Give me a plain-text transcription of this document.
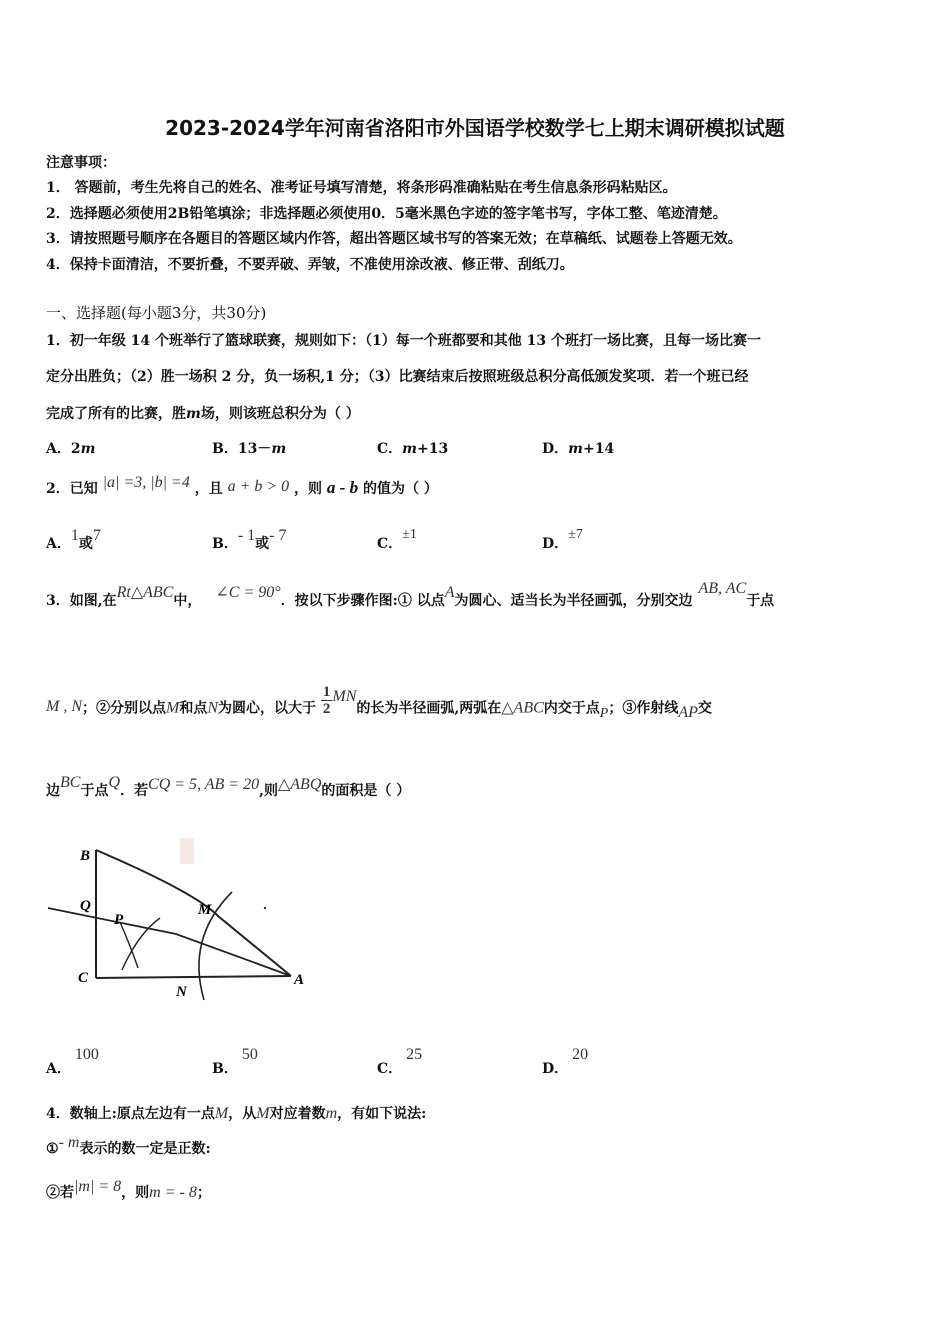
2023-2024学年河南省洛阳市外国语学校数学七上期末调研模拟试题
注意事项：
1． 答题前，考生先将自己的姓名、准考证号填写清楚，将条形码准确粘贴在考生信息条形码粘贴区。
2．选择题必须使用2B铅笔填涂；非选择题必须使用0．5毫米黑色字迹的签字笔书写，字体工整、笔迹清楚。
3．请按照题号顺序在各题目的答题区域内作答，超出答题区域书写的答案无效；在草稿纸、试题卷上答题无效。
4．保持卡面清洁，不要折叠，不要弄破、弄皱，不准使用涂改液、修正带、刮纸刀。
一、选择题(每小题3分，共30分)
1．初一年级 14 个班举行了篮球联赛，规则如下：（1）每一个班都要和其他 13 个班打一场比赛，且每一场比赛一
定分出胜负；（2）胜一场积 2 分，负一场积,1 分；（3）比赛结束后按照班级总积分高低颁发奖项．若一个班已经
完成了所有的比赛，胜m场，则该班总积分为（ ）
A．2m	B．13－m	C．m+13	D．m+14
2．已知 |a| =3, |b| =4 ，且 a + b > 0 ，则 a - b 的值为（ ）
A．1或7	B．- 1或- 7	C．±1
D．±7
3．如图,在Rt△ABC中， ∠C = 90°．按以下步骤作图:① 以点A为圆心、适当长为半径画弧，分别交边AB, AC于点
M , N；②分别以点M和点N为圆心，以大于 $\frac{1}{2}$ MN的长为半径画弧,两弧在△ABC内交于点P；③作射线AP交
边BC于点Q．若CQ = 5, AB = 20,则△ABQ的面积是（ ）
B
Q
P
M
C
N
A
A．100
B．50
C．25
D．20
4．数轴上:原点左边有一点M，从M对应着数m，有如下说法:
①- m表示的数一定是正数:
②若|m| = 8，则m = - 8；
